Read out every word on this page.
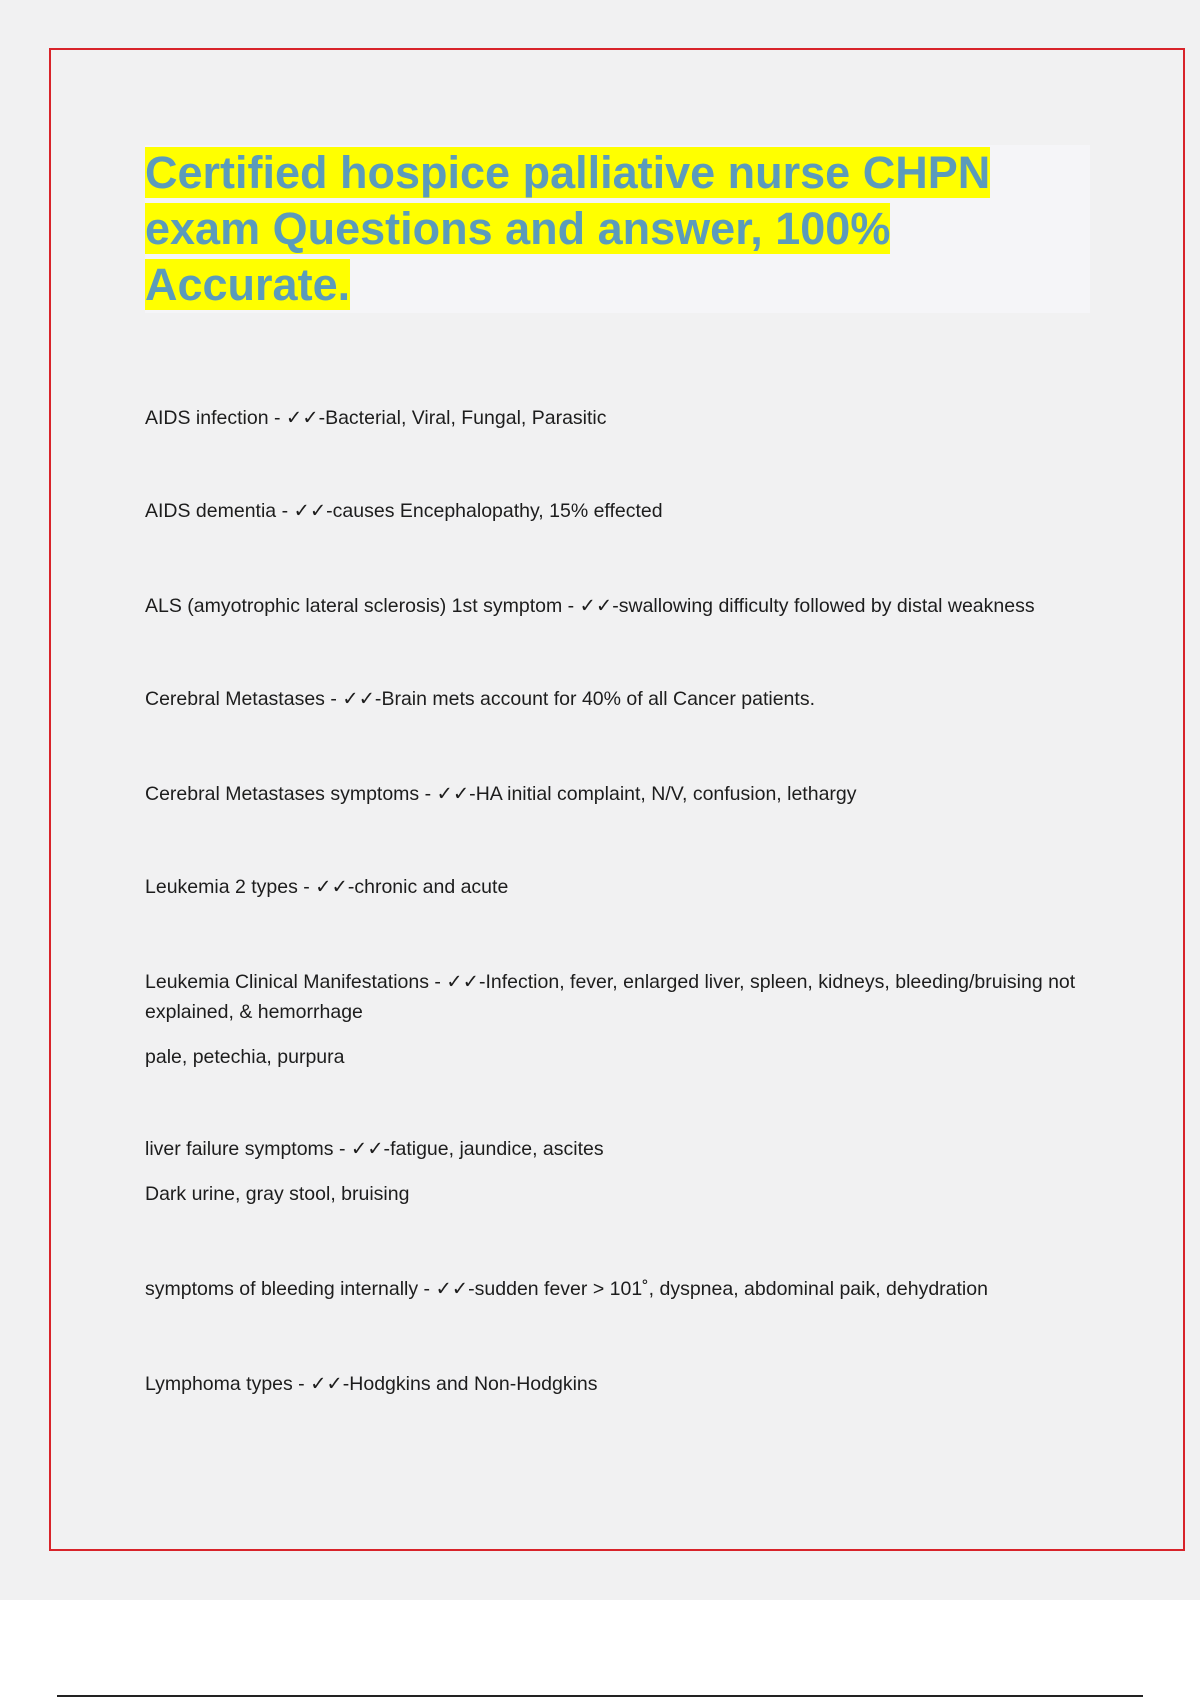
Certified hospice palliative nurse CHPN
exam Questions and answer, 100%
Accurate.
AIDS infection - ✓✓-Bacterial, Viral, Fungal, Parasitic
AIDS dementia - ✓✓-causes Encephalopathy, 15% effected
ALS (amyotrophic lateral sclerosis) 1st symptom - ✓✓-swallowing difficulty followed by distal weakness
Cerebral Metastases - ✓✓-Brain mets account for 40% of all Cancer patients.
Cerebral Metastases symptoms - ✓✓-HA initial complaint, N/V, confusion, lethargy
Leukemia 2 types - ✓✓-chronic and acute
Leukemia Clinical Manifestations - ✓✓-Infection, fever, enlarged liver, spleen, kidneys, bleeding/bruising not explained, & hemorrhage
pale, petechia, purpura
liver failure symptoms - ✓✓-fatigue, jaundice, ascites
Dark urine, gray stool, bruising
symptoms of bleeding internally - ✓✓-sudden fever > 101˚, dyspnea, abdominal paik, dehydration
Lymphoma types - ✓✓-Hodgkins and Non-Hodgkins
